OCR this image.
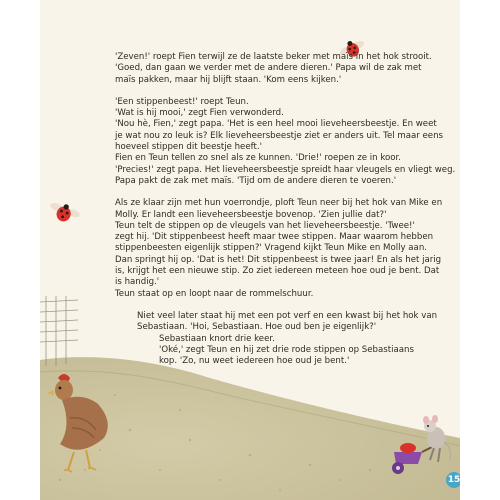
'Zeven!' roept Fien terwijl ze de laatste beker met maïs in het hok strooit.
'Goed, dan gaan we verder met de andere dieren.' Papa wil de zak met
maïs pakken, maar hij blijft staan. 'Kom eens kijken.'

'Een stippenbeest!' roept Teun.
'Wat is hij mooi,' zegt Fien verwonderd.
'Nou hè, Fien,' zegt papa. 'Het is een heel mooi lieveheersbeestje. En weet
je wat nou zo leuk is? Elk lieveheersbeestje ziet er anders uit. Tel maar eens
hoeveel stippen dit beestje heeft.'
Fien en Teun tellen zo snel als ze kunnen. 'Drie!' roepen ze in koor.
'Precies!' zegt papa. Het lieveheersbeestje spreidt haar vleugels en vliegt weg.
Papa pakt de zak met maïs. 'Tijd om de andere dieren te voeren.'

Als ze klaar zijn met hun voerrondje, ploft Teun neer bij het hok van Mike en
Molly. Er landt een lieveheersbeestje bovenop. 'Zien jullie dat?'
Teun telt de stippen op de vleugels van het lieveheersbeestje. 'Twee!'
zegt hij. 'Dit stippenbeest heeft maar twee stippen. Maar waarom hebben
stippenbeesten eigenlijk stippen?' Vragend kijkt Teun Mike en Molly aan.
Dan springt hij op. 'Dat is het! Dit stippenbeest is twee jaar! En als het jarig
is, krijgt het een nieuwe stip. Zo ziet iedereen meteen hoe oud je bent. Dat
is handig.'
Teun staat op en loopt naar de rommelschuur.

Niet veel later staat hij met een pot verf en een kwast bij het hok van
Sebastiaan. 'Hoi, Sebastiaan. Hoe oud ben je eigenlijk?'
Sebastiaan knort drie keer.
'Oké,' zegt Teun en hij zet drie rode stippen op Sebastiaans
kop. 'Zo, nu weet iedereen hoe oud je bent.'

15
